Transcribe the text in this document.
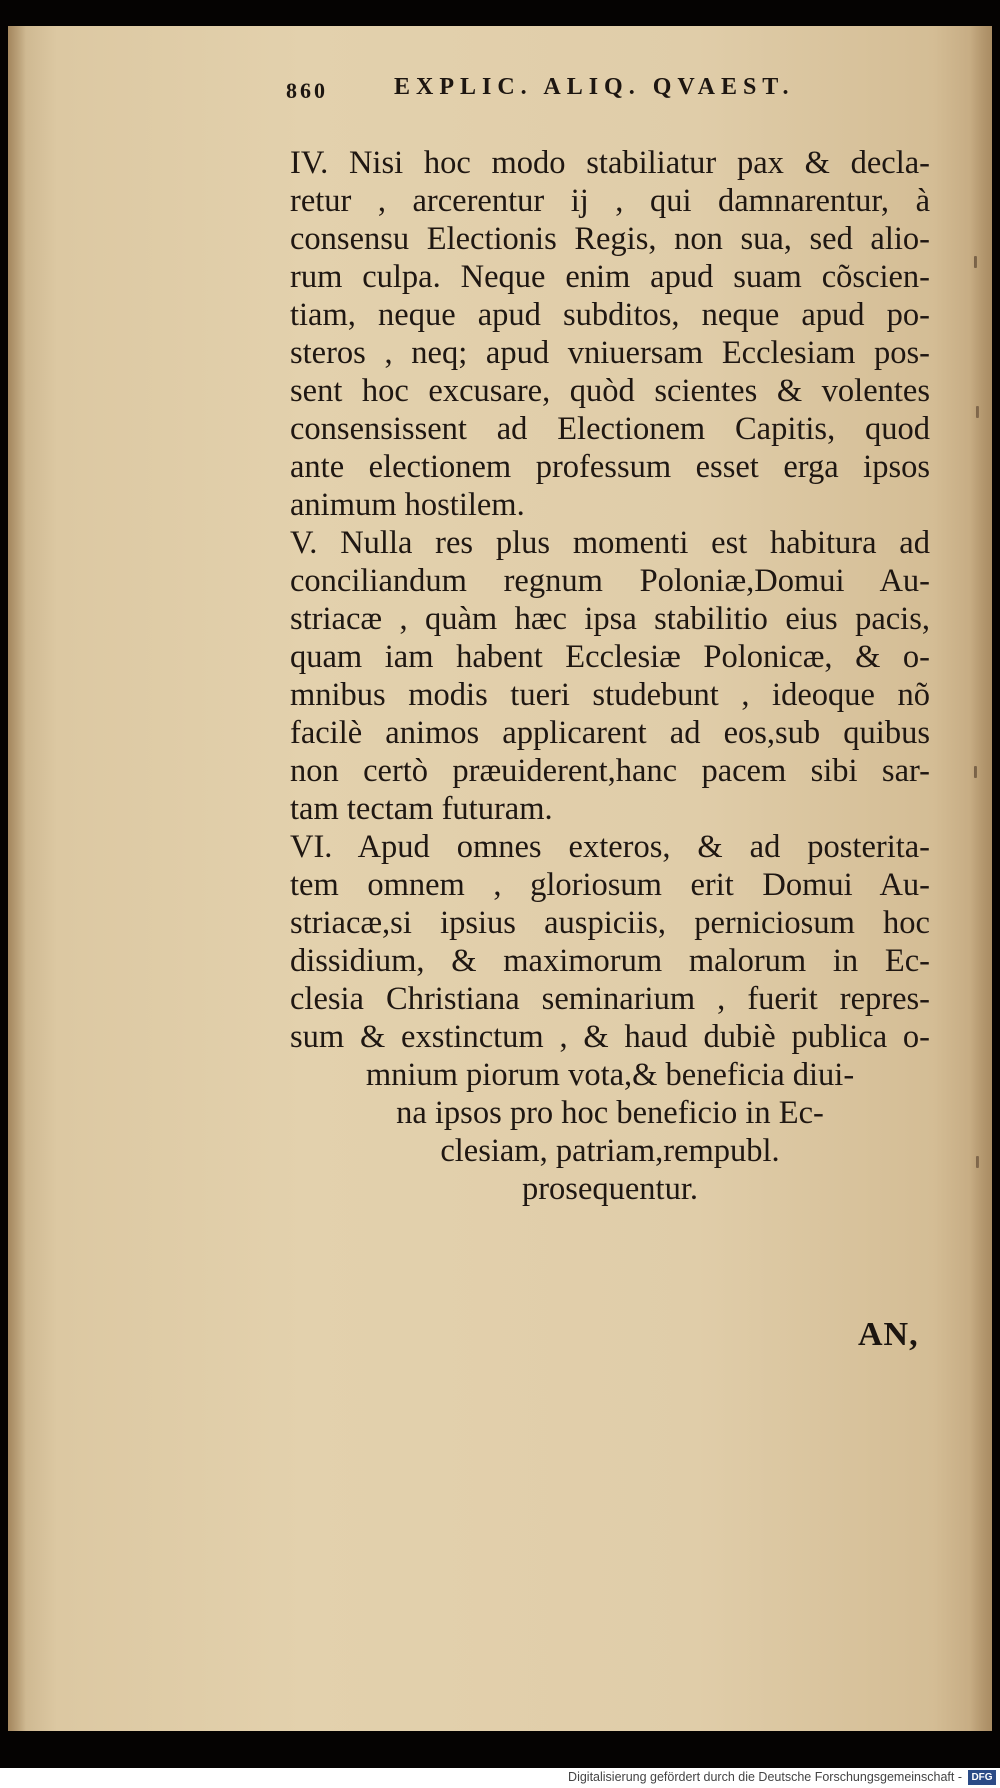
860	EXPLIC. ALIQ. QVAEST.
IV. Nisi hoc modo stabiliatur pax & decla-
retur , arcerentur ij , qui damnarentur, à
consensu Electionis Regis, non sua, sed alio-
rum culpa. Neque enim apud suam cõscien-
tiam, neque apud subditos, neque apud po-
steros , neq; apud vniuersam Ecclesiam pos-
sent hoc excusare, quòd scientes & volentes
consensissent ad Electionem Capitis, quod
ante electionem professum esset erga ipsos
animum hostilem.
V. Nulla res plus momenti est habitura ad
conciliandum regnum Poloniæ,Domui Au-
striacæ , quàm hæc ipsa stabilitio eius pacis,
quam iam habent Ecclesiæ Polonicæ, & o-
mnibus modis tueri studebunt , ideoque nõ
facilè animos applicarent ad eos,sub quibus
non certò præuiderent,hanc pacem sibi sar-
tam tectam futuram.
VI. Apud omnes exteros, & ad posterita-
tem omnem , gloriosum erit Domui Au-
striacæ,si ipsius auspiciis, perniciosum hoc
dissidium, & maximorum malorum in Ec-
clesia Christiana seminarium , fuerit repres-
sum & exstinctum , & haud dubiè publica o-
mnium piorum vota,& beneficia diui-
na ipsos pro hoc beneficio in Ec-
clesiam, patriam,rempubl.
prosequentur.
AN,
Digitalisierung gefördert durch die Deutsche Forschungsgemeinschaft - DFG
